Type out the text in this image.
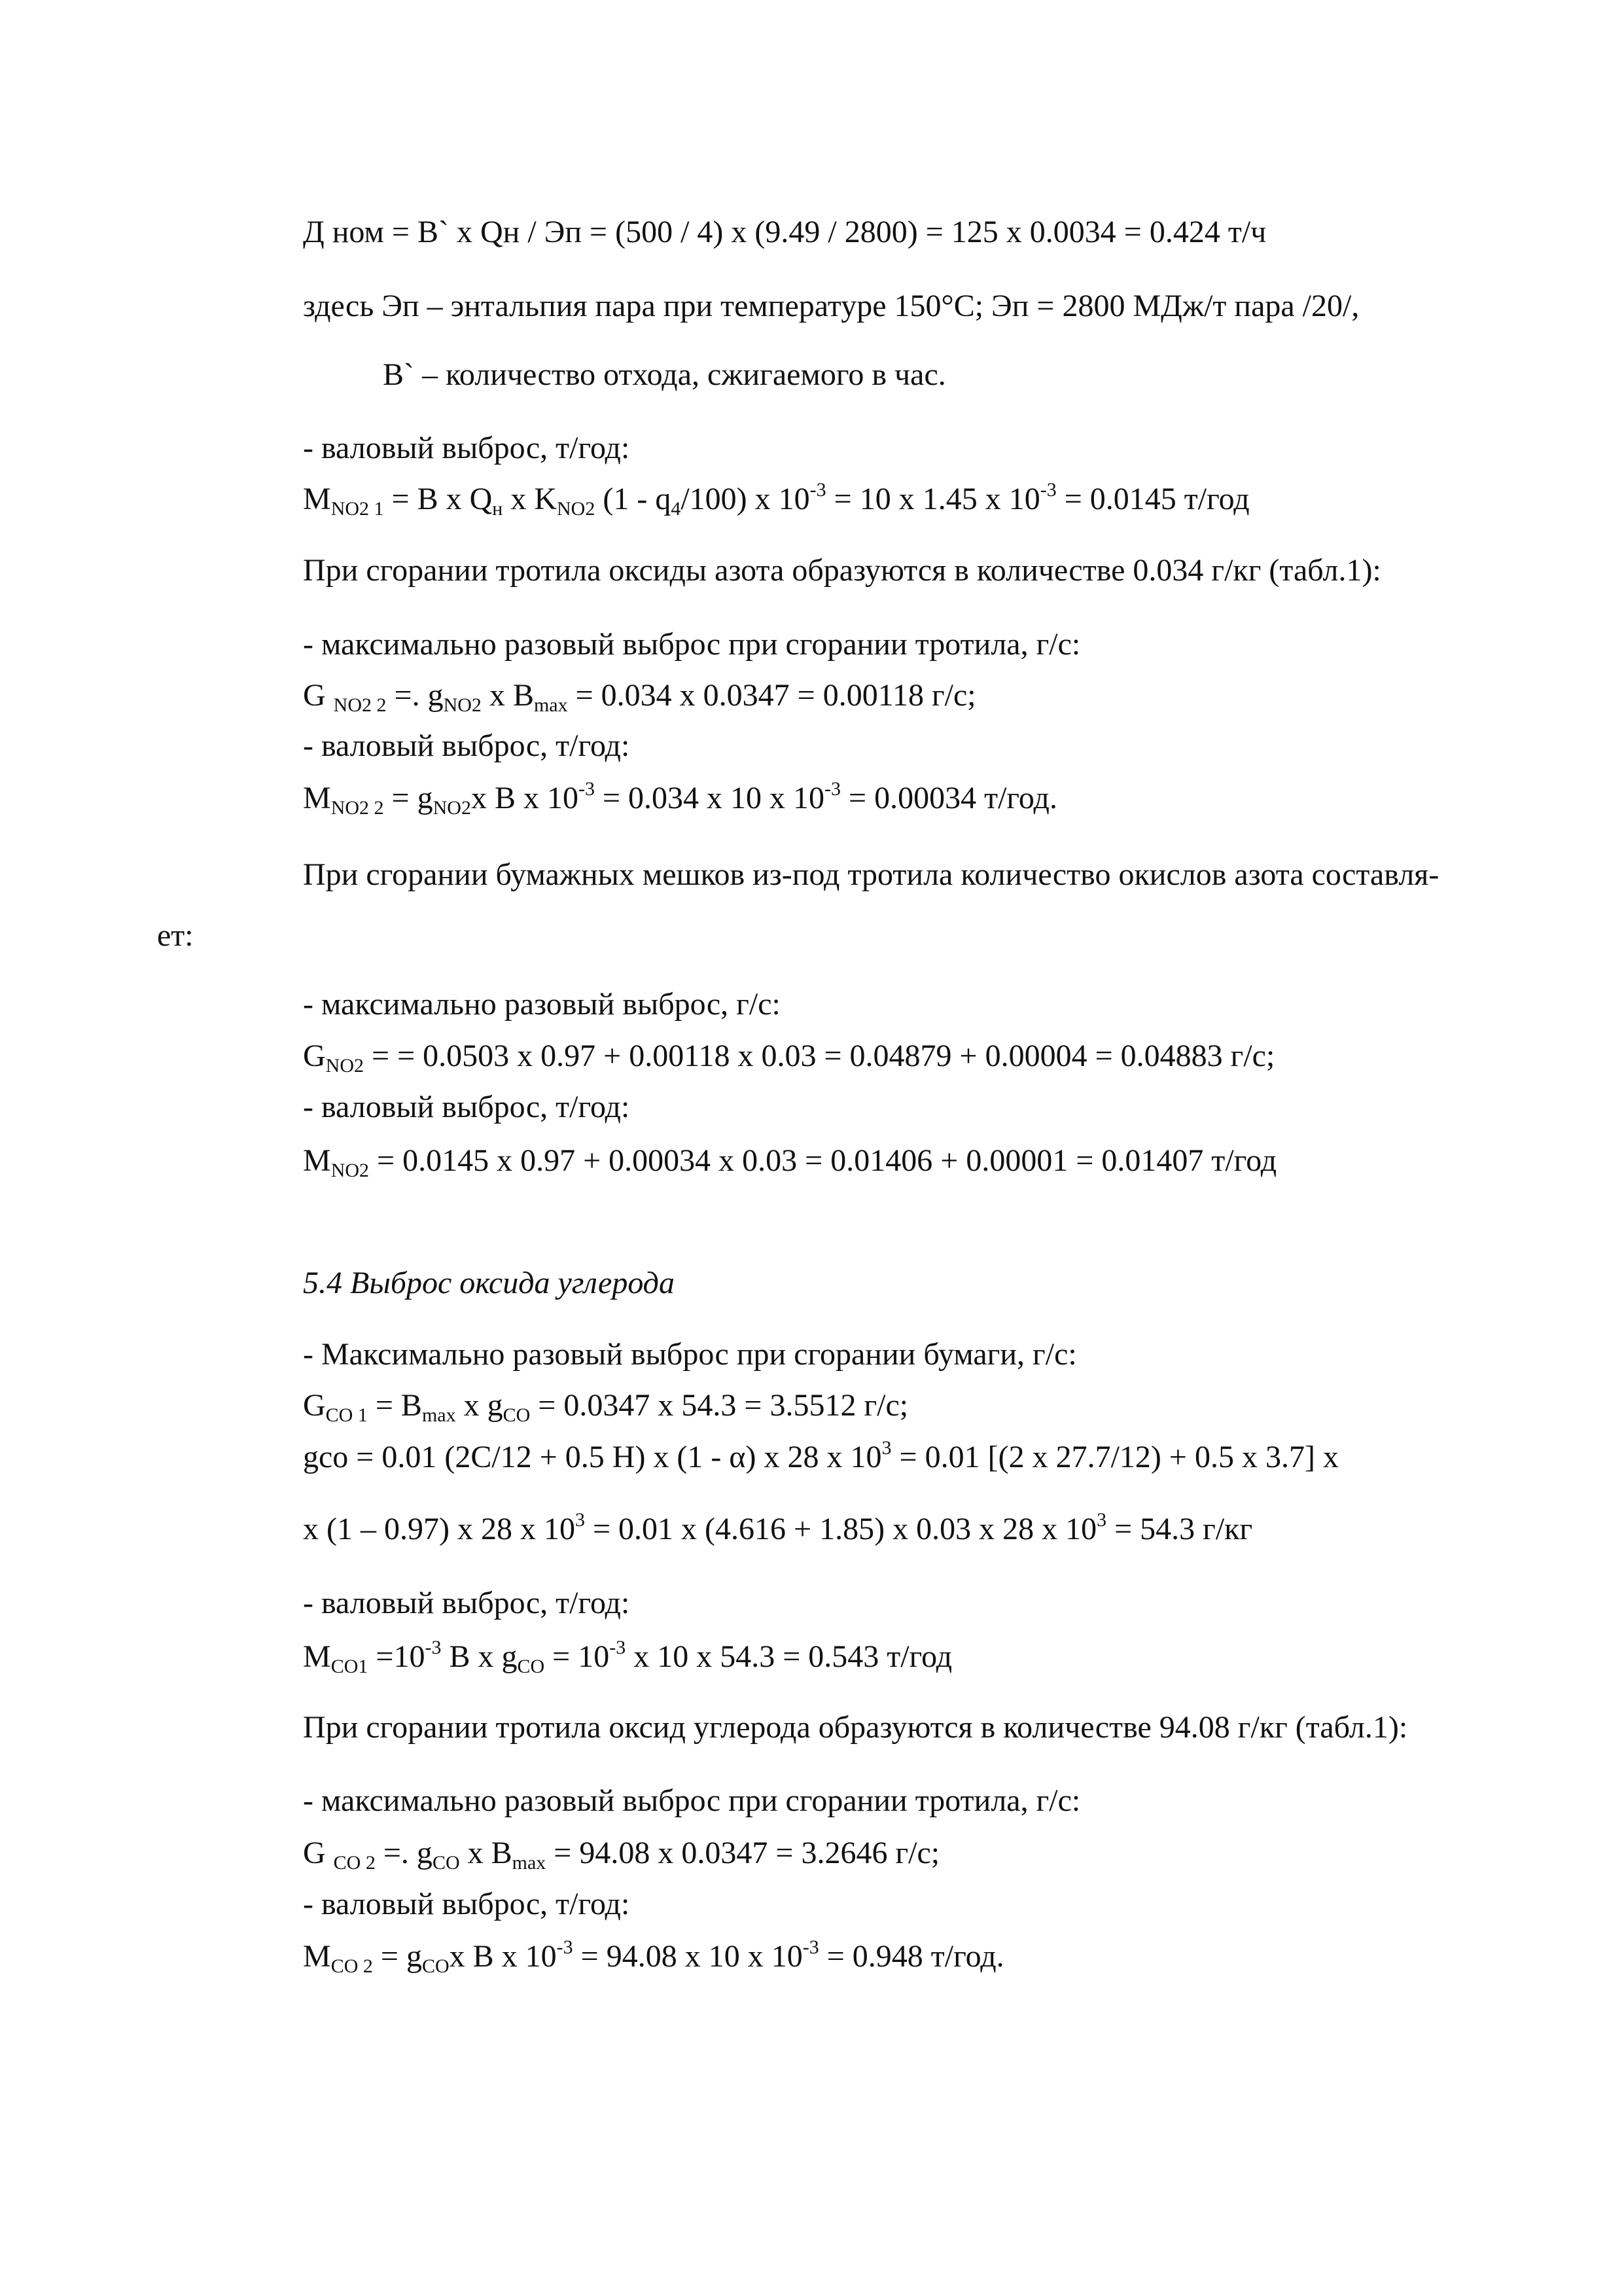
Д ном = В` x Qн / Эп = (500 / 4) x (9.49 / 2800) = 125 x 0.0034 = 0.424 т/ч
здесь Эп – энтальпия пара при температуре 150°С; Эп = 2800 МДж/т пара /20/,
В` – количество отхода, сжигаемого в час.
- валовый выброс, т/год:
$M_{NO2 1} = B$ x $Q_н$ x $K_{NO2}$ $(1 - q_4/100)$ x $10^{-3} = 10$ x 1.45 x $10^{-3} = 0.0145$ т/год
При сгорании тротила оксиды азота образуются в количестве 0.034 г/кг (табл.1):
- максимально разовый выброс при сгорании тротила, г/с:
G $_{NO2 2}$ =. $g_{NO2}$ x $B_{max} = 0.034$ x 0.0347 = 0.00118 г/с;
- валовый выброс, т/год:
$M_{NO2 2} = g_{NO2}x$ B x $10^{-3} = 0.034$ x 10 x $10^{-3} = 0.00034$ т/год.
При сгорании бумажных мешков из-под тротила количество окислов азота составля-
ет:
- максимально разовый выброс, г/с:
$G_{NO2}$ = = 0.0503 x 0.97 + 0.00118 x 0.03 = 0.04879 + 0.00004 = 0.04883 г/с;
- валовый выброс, т/год:
$M_{NO2} = 0.0145$ x 0.97 + 0.00034 x 0.03 = 0.01406 + 0.00001 = 0.01407 т/год
5.4 Выброс оксида углерода
- Максимально разовый выброс при сгорании бумаги, г/с:
$G_{CO 1} = B_{max}$ x $g_{CO} = 0.0347$ x 54.3 = 3.5512 г/с;
gco = 0.01 (2C/12 + 0.5 H) x (1 - α) x 28 x $10^3 = 0.01$ [(2 x 27.7/12) + 0.5 x 3.7] x
x (1 – 0.97) x 28 x $10^3 = 0.01$ x (4.616 + 1.85) x 0.03 x 28 x $10^3 = 54.3$ г/кг
- валовый выброс, т/год:
$M_{CO1} =10^{-3}$ B x $g_{CO} = 10^{-3}$ x 10 x 54.3 = 0.543 т/год
При сгорании тротила оксид углерода образуются в количестве 94.08 г/кг (табл.1):
- максимально разовый выброс при сгорании тротила, г/с:
G $_{CO 2}$ =. $g_{CO}$ x $B_{max} = 94.08$ x 0.0347 = 3.2646 г/с;
- валовый выброс, т/год:
$M_{CO 2} = g_{CO}x$ B x $10^{-3} = 94.08$ x 10 x $10^{-3} = 0.948$ т/год.
